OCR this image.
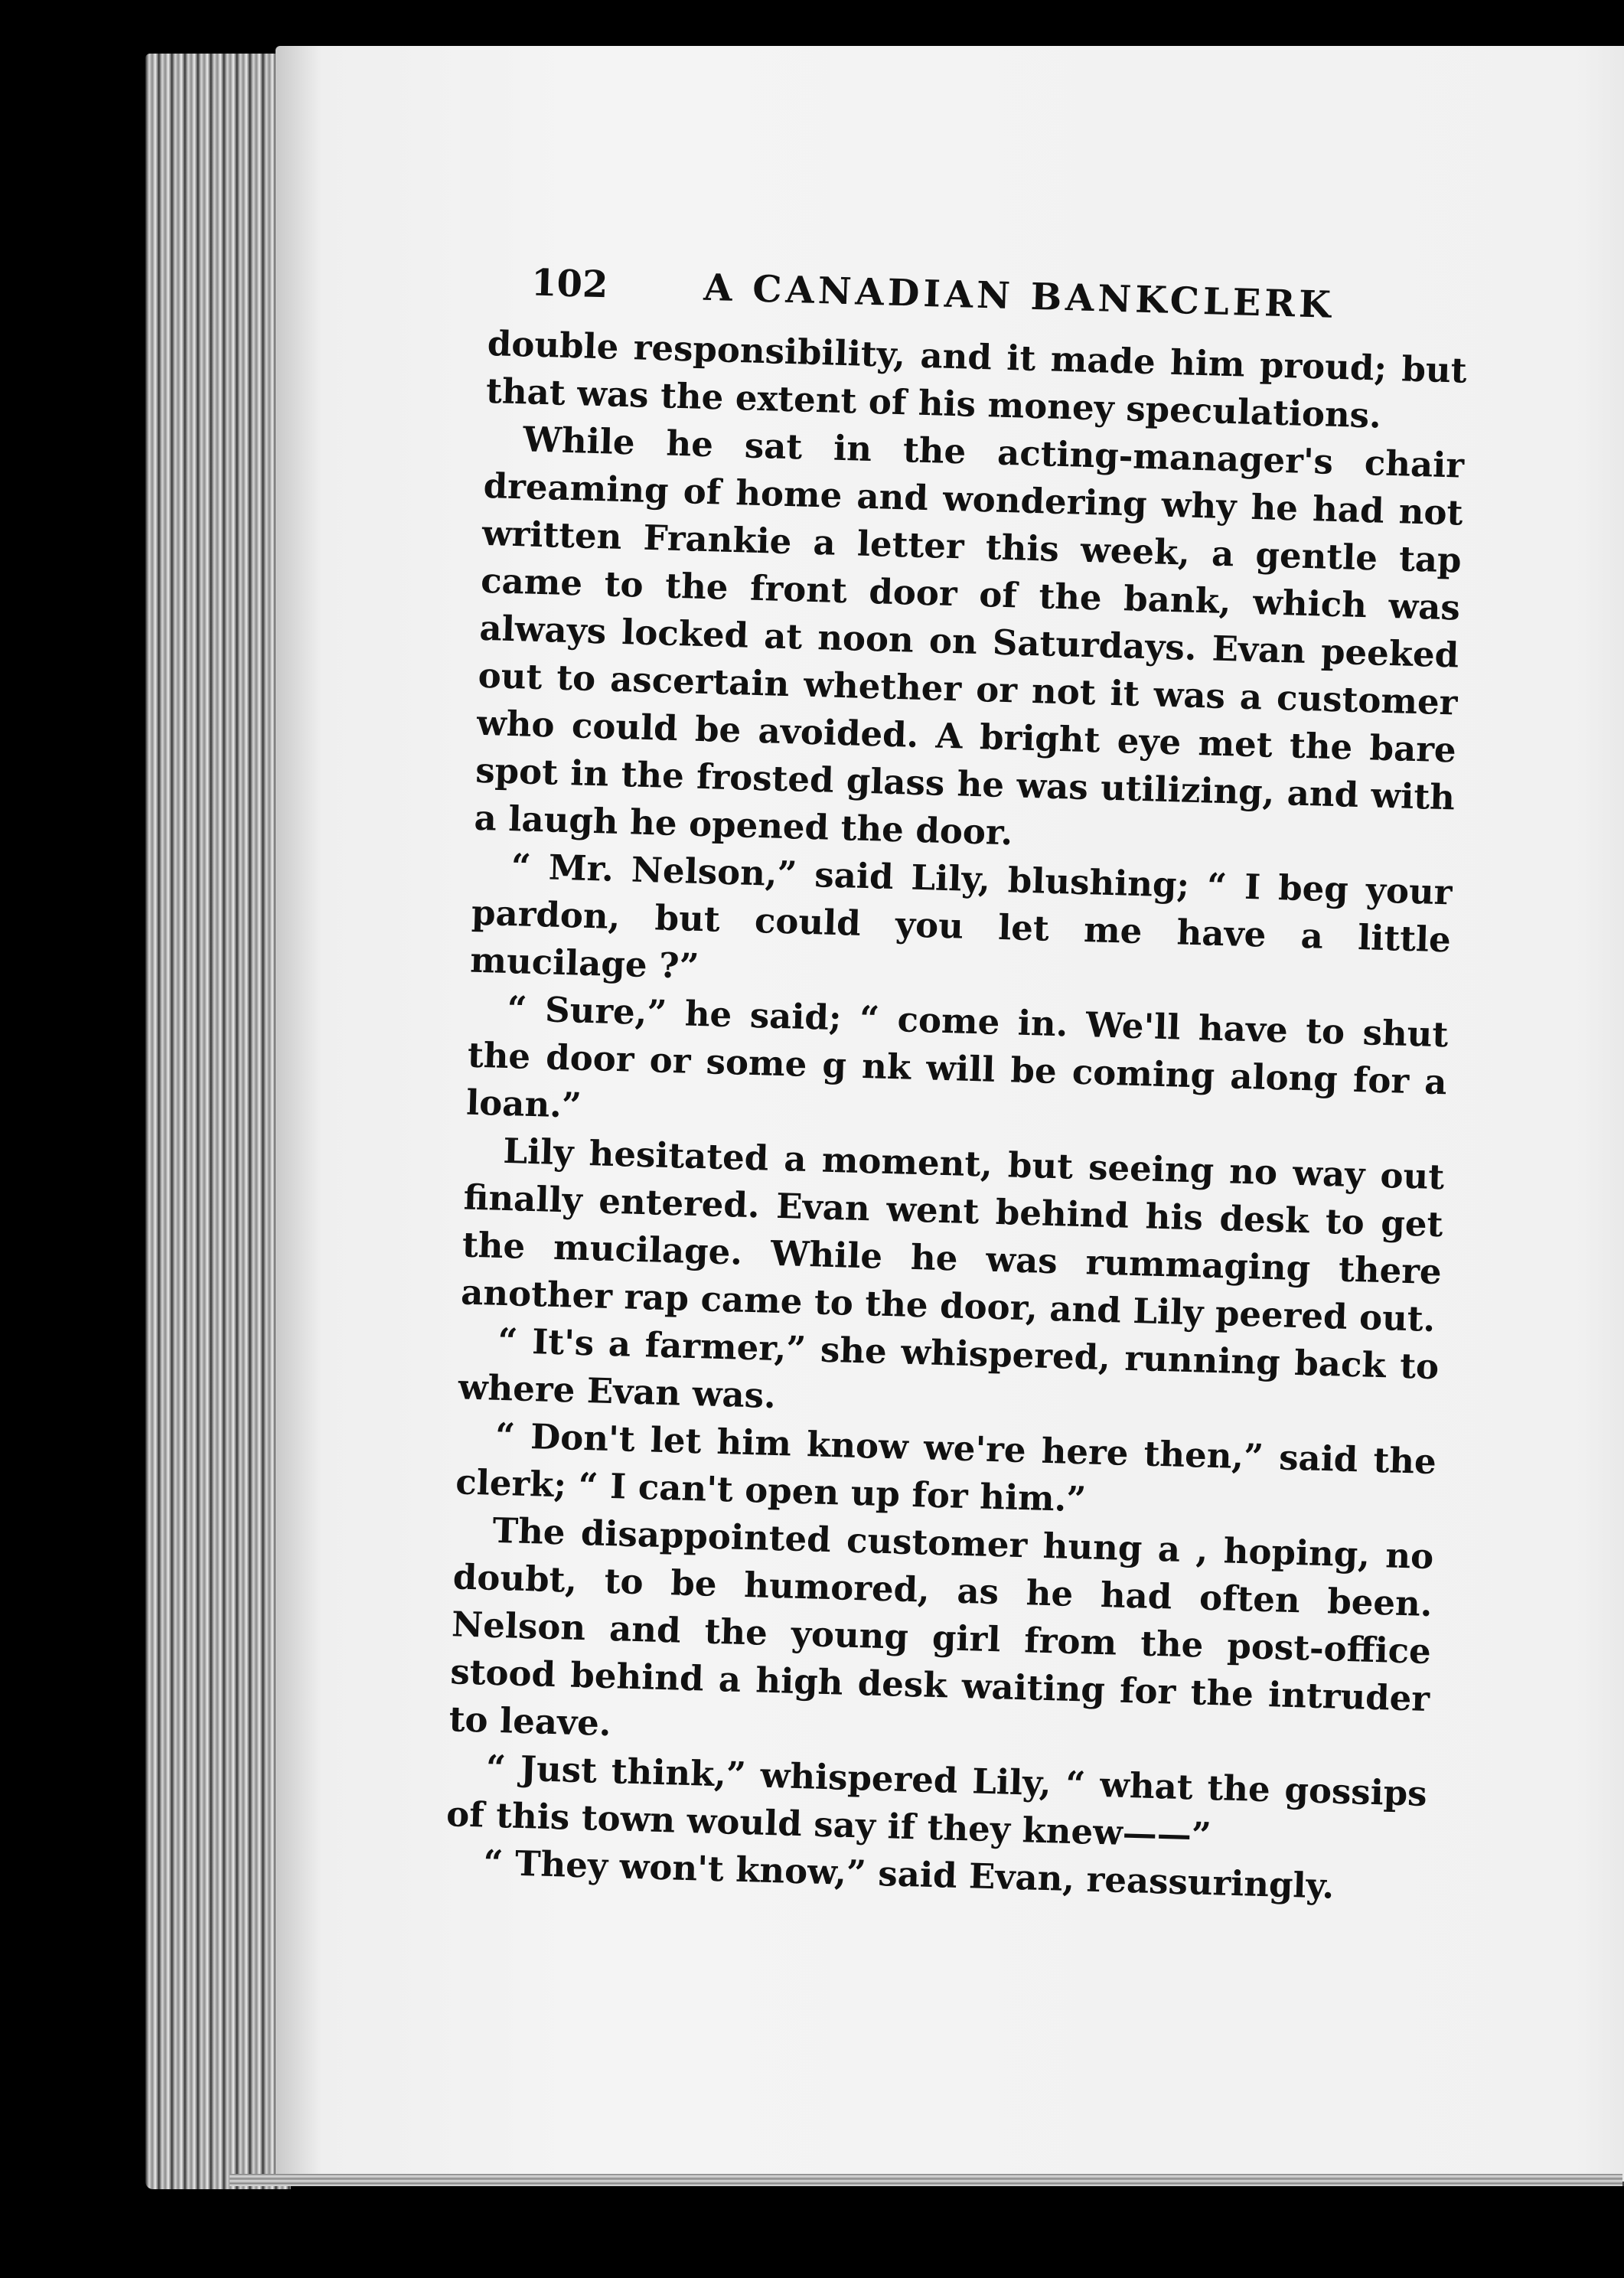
102	A CANADIAN BANKCLERK

double responsibility, and it made him proud; but that was the extent of his money speculations.

While he sat in the acting-manager's chair dreaming of home and wondering why he had not written Frankie a letter this week, a gentle tap came to the front door of the bank, which was always locked at noon on Saturdays. Evan peeked out to ascertain whether or not it was a customer who could be avoided. A bright eye met the bare spot in the frosted glass he was utilizing, and with a laugh he opened the door.

“ Mr. Nelson,” said Lily, blushing; “ I beg your pardon, but could you let me have a little mucilage ?”

“ Sure,” he said; “ come in. We'll have to shut the door or some g nk will be coming along for a loan.”

Lily hesitated a moment, but seeing no way out finally entered. Evan went behind his desk to get the mucilage. While he was rummaging there another rap came to the door, and Lily peered out.

“ It's a farmer,” she whispered, running back to where Evan was.

“ Don't let him know we're here then,” said the clerk; “ I can't open up for him.”

The disappointed customer hung a , hoping, no doubt, to be humored, as he had often been. Nelson and the young girl from the post-office stood behind a high desk waiting for the intruder to leave.

“ Just think,” whispered Lily, “ what the gossips of this town would say if they knew——”

“ They won't know,” said Evan, reassuringly.
